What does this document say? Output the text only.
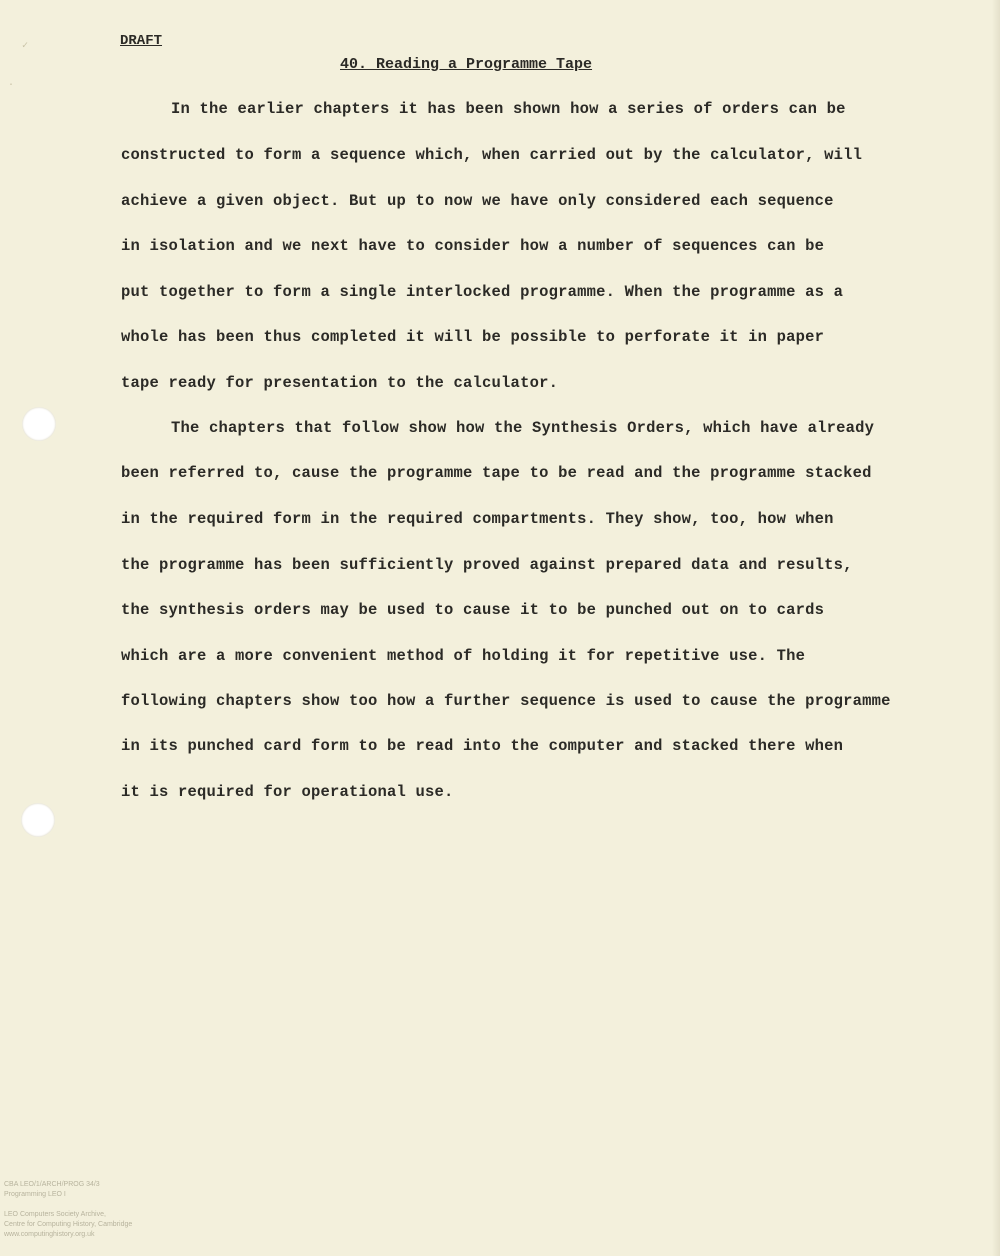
✓
·
DRAFT
40. Reading a Programme Tape
In the earlier chapters it has been shown how a series of orders can be
constructed to form a sequence which, when carried out by the calculator, will
achieve a given object. But up to now we have only considered each sequence
in isolation and we next have to consider how a number of sequences can be
put together to form a single interlocked programme. When the programme as a
whole has been thus completed it will be possible to perforate it in paper
tape ready for presentation to the calculator.
The chapters that follow show how the Synthesis Orders, which have already
been referred to, cause the programme tape to be read and the programme stacked
in the required form in the required compartments. They show, too, how when
the programme has been sufficiently proved against prepared data and results,
the synthesis orders may be used to cause it to be punched out on to cards
which are a more convenient method of holding it for repetitive use. The
following chapters show too how a further sequence is used to cause the programme
in its punched card form to be read into the computer and stacked there when
it is required for operational use.
CBA LEO/1/ARCH/PROG 34/3
Programming LEO I
LEO Computers Society Archive,
Centre for Computing History, Cambridge
www.computinghistory.org.uk
